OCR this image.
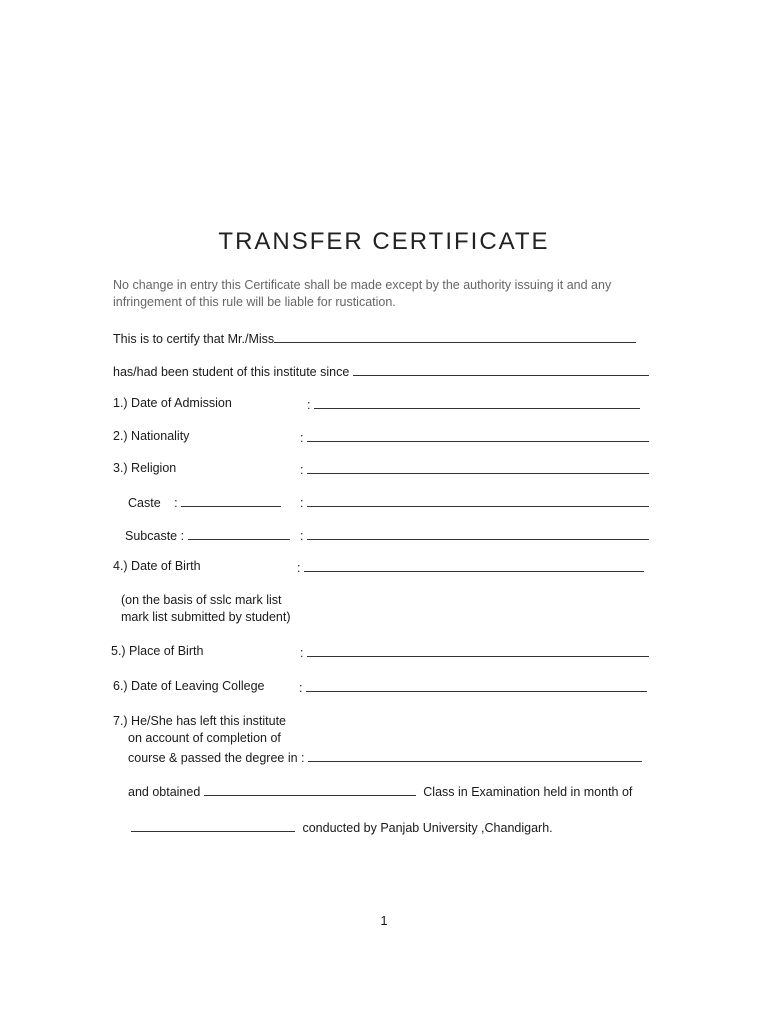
TRANSFER CERTIFICATE
No change in entry this Certificate shall be made except by the authority issuing it and any infringement of this rule will be liable for rustication.
This is to certify that Mr./Miss
has/had been student of this institute since
1.) Date of Admission	:
2.) Nationality	:
3.) Religion	:
Caste :	:
Subcaste :	:
4.) Date of Birth	:
(on the basis of sslc mark list
mark list submitted by student)
5.) Place of Birth	:
6.) Date of Leaving College	:
7.) He/She has left this institute
on account of completion of
course & passed the degree in :
and obtained	Class in Examination held in month of
conducted by Panjab University ,Chandigarh.
1
